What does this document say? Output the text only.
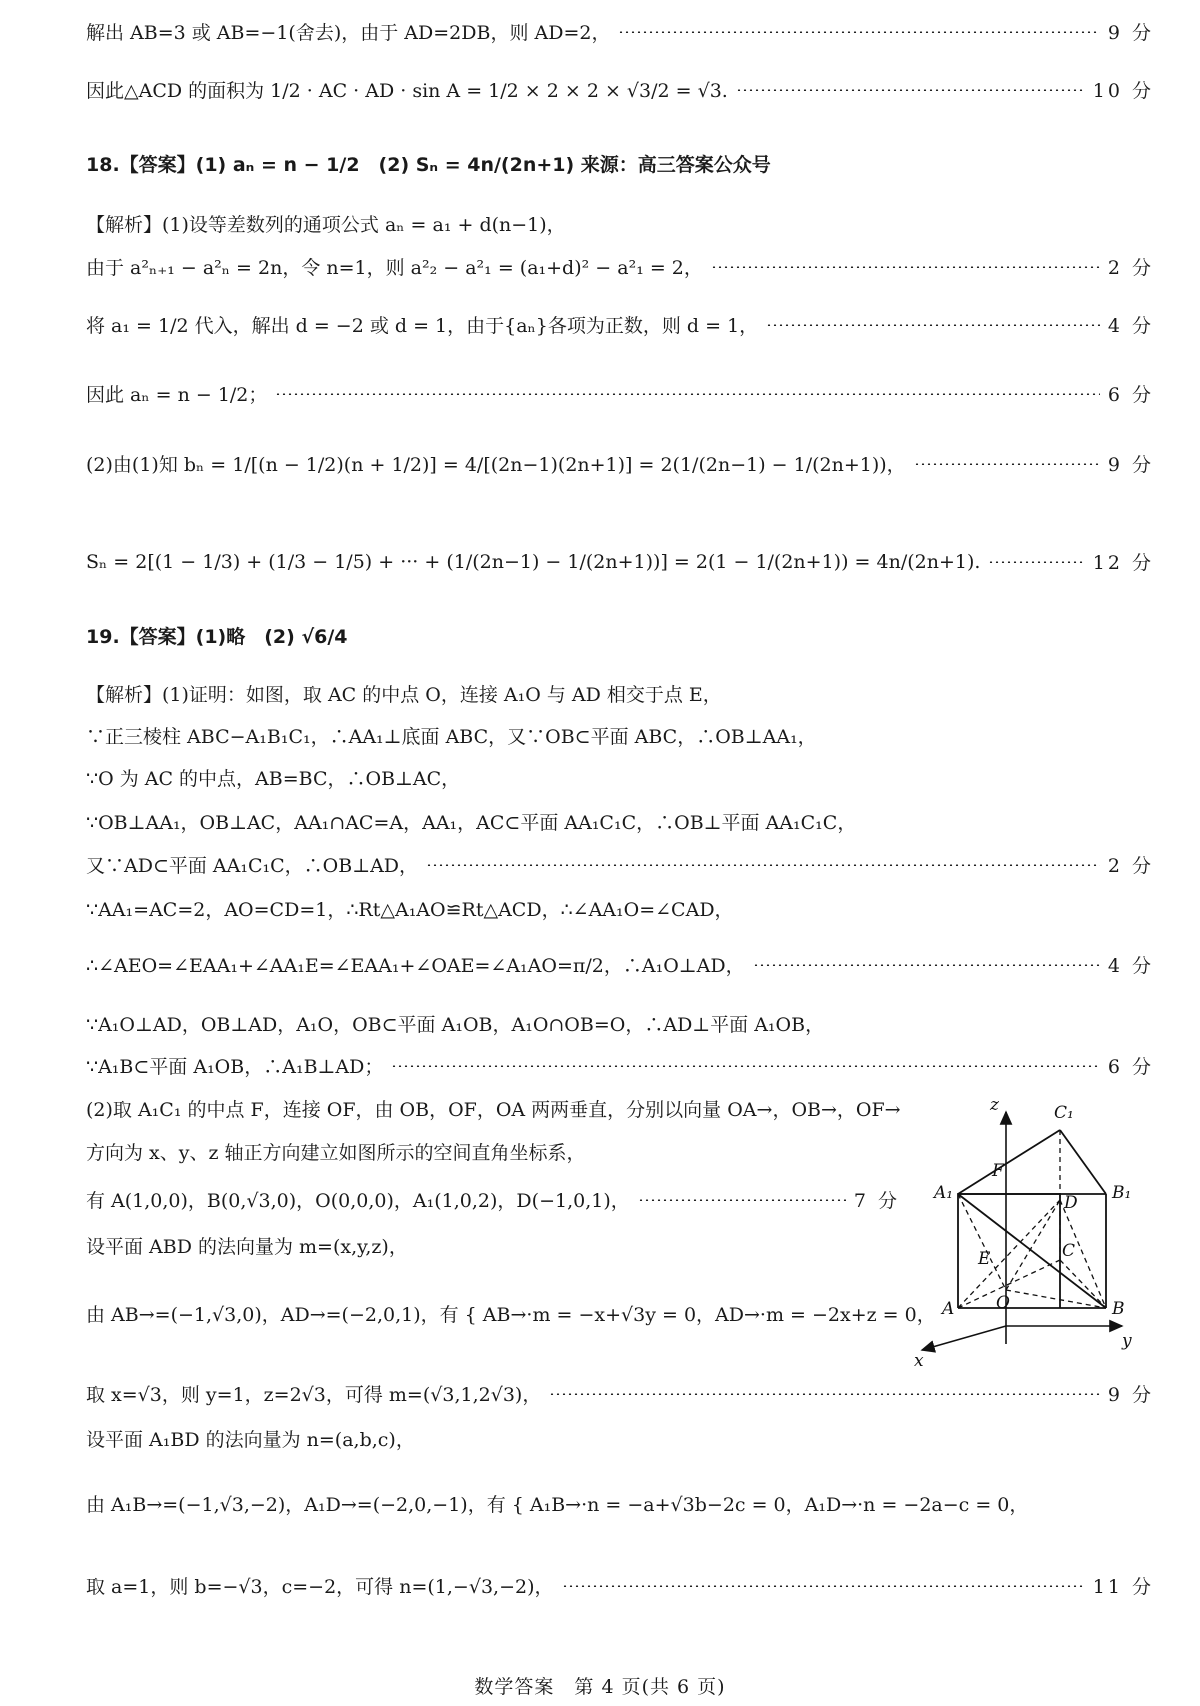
解出 AB=3 或 AB=−1(舍去)，由于 AD=2DB，则 AD=2，	9 分
因此△ACD 的面积为 1/2 · AC · AD · sin A = 1/2 × 2 × 2 × √3/2 = √3.	10 分
18.【答案】(1) aₙ = n − 1/2　(2) Sₙ = 4n/(2n+1) 来源：高三答案公众号
【解析】(1)设等差数列的通项公式 aₙ = a₁ + d(n−1)，
由于 a²ₙ₊₁ − a²ₙ = 2n，令 n=1，则 a²₂ − a²₁ = (a₁+d)² − a²₁ = 2，	2 分
将 a₁ = 1/2 代入，解出 d = −2 或 d = 1，由于{aₙ}各项为正数，则 d = 1，	4 分
因此 aₙ = n − 1/2；	6 分
(2)由(1)知 bₙ = 1/[(n − 1/2)(n + 1/2)] = 4/[(2n−1)(2n+1)] = 2(1/(2n−1) − 1/(2n+1))，	9 分
Sₙ = 2[(1 − 1/3) + (1/3 − 1/5) + ··· + (1/(2n−1) − 1/(2n+1))] = 2(1 − 1/(2n+1)) = 4n/(2n+1).	12 分
19.【答案】(1)略　(2) √6/4
【解析】(1)证明：如图，取 AC 的中点 O，连接 A₁O 与 AD 相交于点 E，
∵正三棱柱 ABC−A₁B₁C₁，∴AA₁⊥底面 ABC，又∵OB⊂平面 ABC，∴OB⊥AA₁，
∵O 为 AC 的中点，AB=BC，∴OB⊥AC，
∵OB⊥AA₁，OB⊥AC，AA₁∩AC=A，AA₁，AC⊂平面 AA₁C₁C，∴OB⊥平面 AA₁C₁C，
又∵AD⊂平面 AA₁C₁C，∴OB⊥AD，	2 分
∵AA₁=AC=2，AO=CD=1，∴Rt△A₁AO≌Rt△ACD，∴∠AA₁O=∠CAD，
∴∠AEO=∠EAA₁+∠AA₁E=∠EAA₁+∠OAE=∠A₁AO=π/2，∴A₁O⊥AD，	4 分
∵A₁O⊥AD，OB⊥AD，A₁O，OB⊂平面 A₁OB，A₁O∩OB=O，∴AD⊥平面 A₁OB，
∵A₁B⊂平面 A₁OB，∴A₁B⊥AD；	6 分
(2)取 A₁C₁ 的中点 F，连接 OF，由 OB，OF，OA 两两垂直，分别以向量 OA→，OB→，OF→
方向为 x、y、z 轴正方向建立如图所示的空间直角坐标系，
有 A(1,0,0)，B(0,√3,0)，O(0,0,0)，A₁(1,0,2)，D(−1,0,1)，	7 分
设平面 ABD 的法向量为 m=(x,y,z)，
由 AB→=(−1,√3,0)，AD→=(−2,0,1)，有 { AB→·m = −x+√3y = 0，AD→·m = −2x+z = 0，
取 x=√3，则 y=1，z=2√3，可得 m=(√3,1,2√3)，	9 分
设平面 A₁BD 的法向量为 n=(a,b,c)，
由 A₁B→=(−1,√3,−2)，A₁D→=(−2,0,−1)，有 { A₁B→·n = −a+√3b−2c = 0，A₁D→·n = −2a−c = 0，
取 a=1，则 b=−√3，c=−2，可得 n=(1,−√3,−2)，	11 分
z	C₁
F
A₁	B₁
D
E	C
A O	B
x
y
数学答案　第 4 页(共 6 页)
